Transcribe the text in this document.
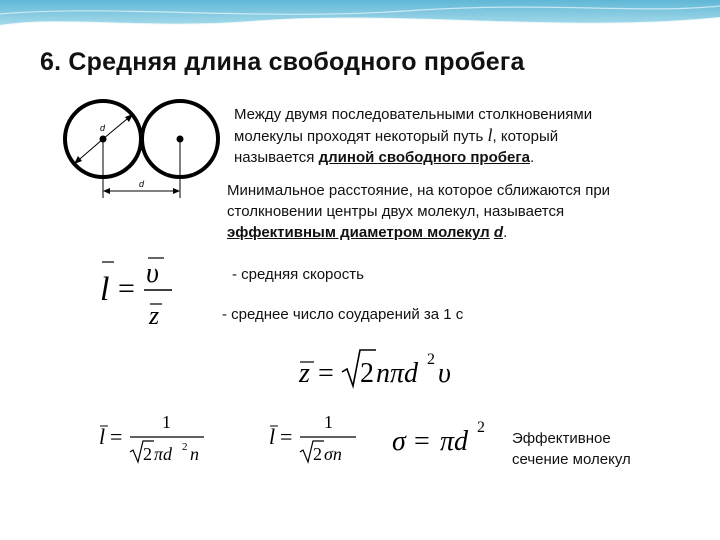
6. Средняя длина свободного пробега
d
d
Между двумя последовательными столкновениями
молекулы проходят некоторый путь l, который
называется длиной свободного пробега.
Минимальное расстояние, на которое сближаются при
столкновении центры двух молекул, называется
эффективным диаметром молекул d.
l = υ
z
- средняя скорость
- среднее число соударений за 1 с
z = 2 nπd 2 υ
l =
1
2 πd 2 n
l =
1
2 σn σ = πd 2
Эффективное
сечение молекул
